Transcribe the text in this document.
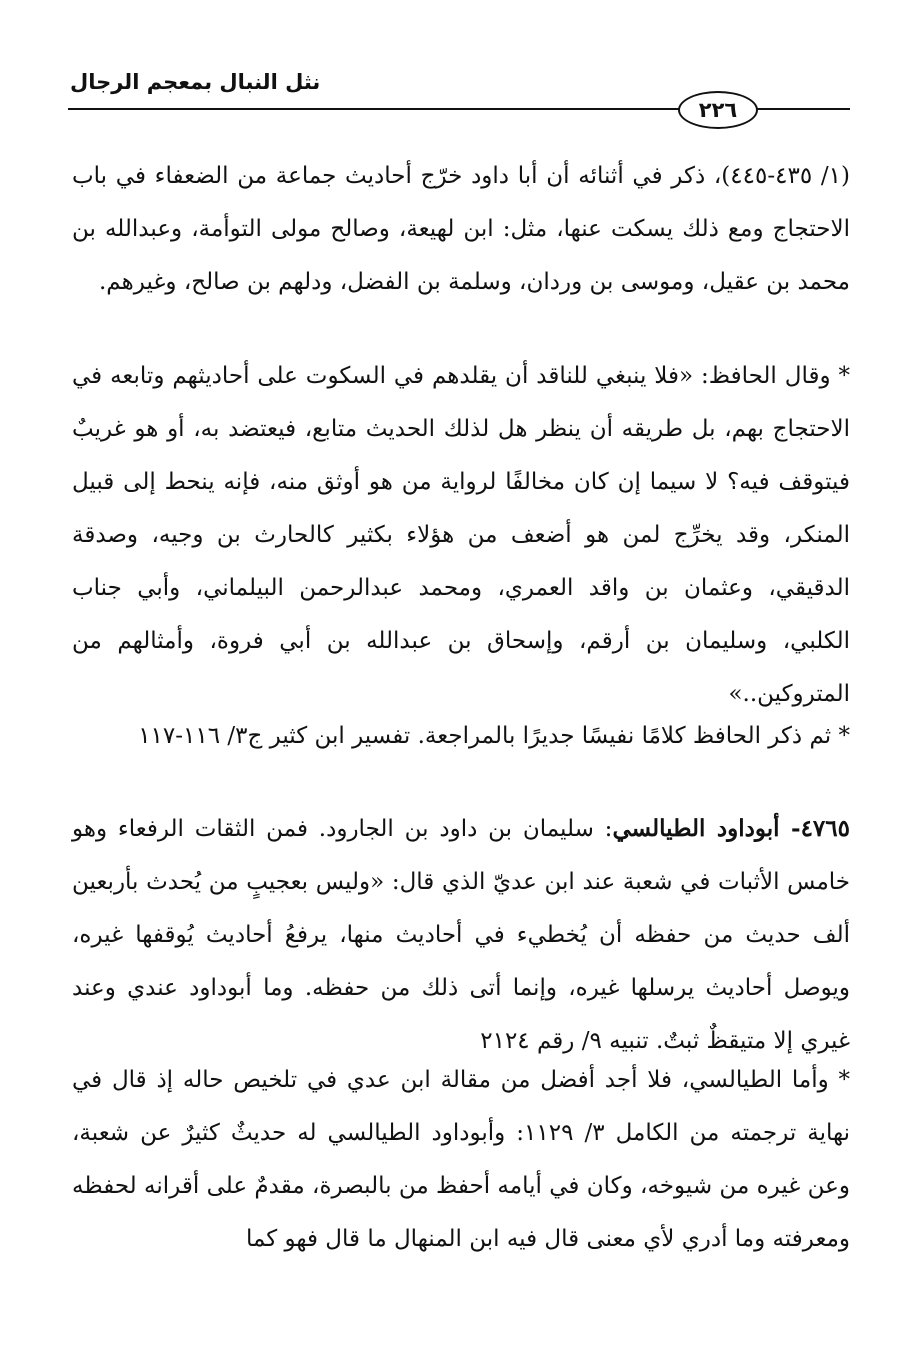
نثل النبال بمعجم الرجال
٢٢٦

(١/ ٤٣٥-٤٤٥)، ذكر في أثنائه أن أبا داود خرّج أحاديث جماعة من الضعفاء في باب الاحتجاج ومع ذلك يسكت عنها، مثل: ابن لهيعة، وصالح مولى التوأمة، وعبدالله بن محمد بن عقيل، وموسى بن وردان، وسلمة بن الفضل، ودلهم بن صالح، وغيرهم.

* وقال الحافظ: «فلا ينبغي للناقد أن يقلدهم في السكوت على أحاديثهم وتابعه في الاحتجاج بهم، بل طريقه أن ينظر هل لذلك الحديث متابع، فيعتضد به، أو هو غريبٌ فيتوقف فيه؟ لا سيما إن كان مخالفًا لرواية من هو أوثق منه، فإنه ينحط إلى قبيل المنكر، وقد يخرِّج لمن هو أضعف من هؤلاء بكثير كالحارث بن وجيه، وصدقة الدقيقي، وعثمان بن واقد العمري، ومحمد عبدالرحمن البيلماني، وأبي جناب الكلبي، وسليمان بن أرقم، وإسحاق بن عبدالله بن أبي فروة، وأمثالهم من المتروكين..»

* ثم ذكر الحافظ كلامًا نفيسًا جديرًا بالمراجعة. تفسير ابن كثير ج٣/ ١١٦-١١٧

٤٧٦٥- أبوداود الطيالسي: سليمان بن داود بن الجارود. فمن الثقات الرفعاء وهو خامس الأثبات في شعبة عند ابن عديّ الذي قال: «وليس بعجيبٍ من يُحدث بأربعين ألف حديث من حفظه أن يُخطيء في أحاديث منها، يرفعُ أحاديث يُوقفها غيره، ويوصل أحاديث يرسلها غيره، وإنما أتى ذلك من حفظه. وما أبوداود عندي وعند غيري إلا متيقظٌ ثبتٌ. تنبيه ٩/ رقم ٢١٢٤

* وأما الطيالسي، فلا أجد أفضل من مقالة ابن عدي في تلخيص حاله إذ قال في نهاية ترجمته من الكامل ٣/ ١١٢٩: وأبوداود الطيالسي له حديثٌ كثيرٌ عن شعبة، وعن غيره من شيوخه، وكان في أيامه أحفظ من بالبصرة، مقدمٌ على أقرانه لحفظه ومعرفته وما أدري لأي معنى قال فيه ابن المنهال ما قال فهو كما
